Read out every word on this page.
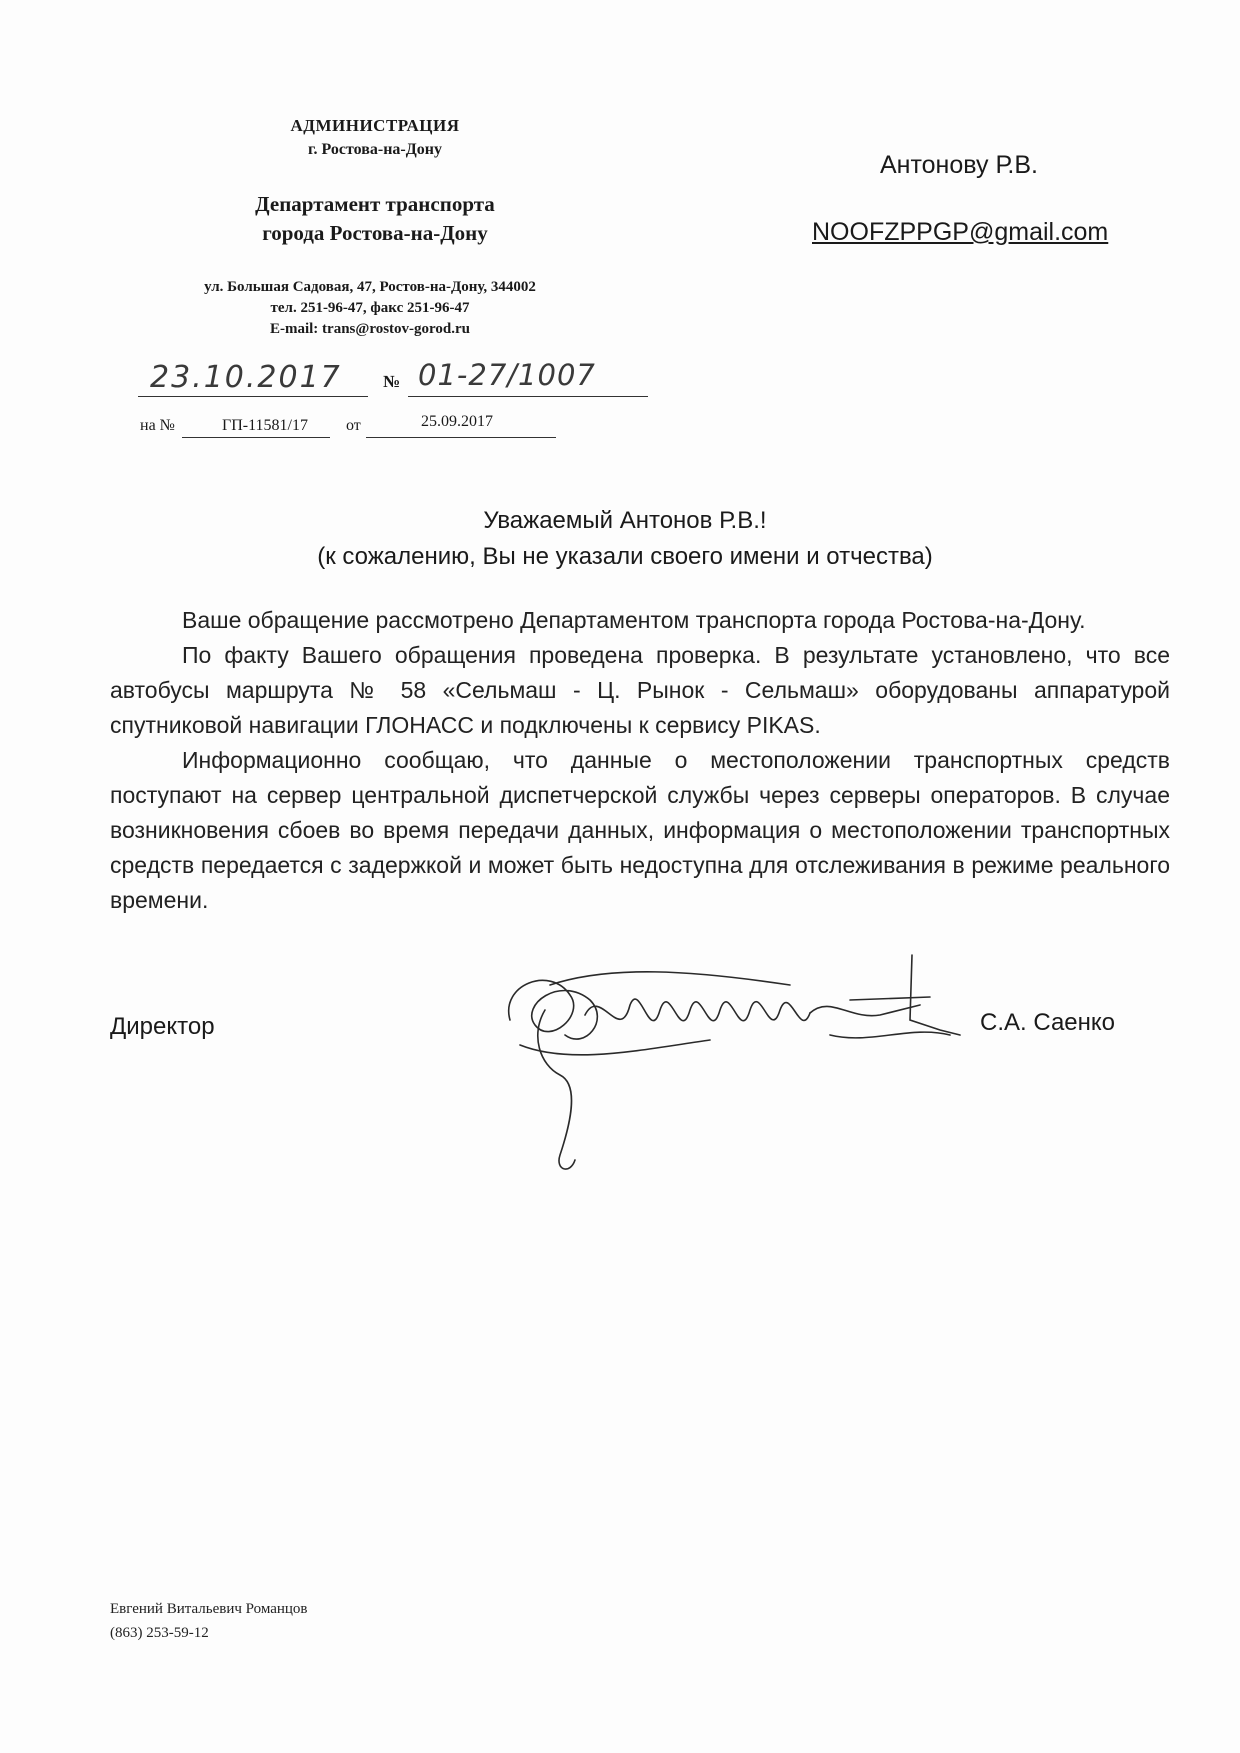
АДМИНИСТРАЦИЯ
г. Ростова-на-Дону
Департамент транспорта
города Ростова-на-Дону
ул. Большая Садовая, 47, Ростов-на-Дону, 344002
тел. 251-96-47, факс 251-96-47
E-mail: trans@rostov-gorod.ru
23.10.2017	№ 01-27/1007
на №	ГП-11581/17 от	25.09.2017
Антонову Р.В.
NOOFZPPGP@gmail.com
Уважаемый Антонов Р.В.!
(к сожалению, Вы не указали своего имени и отчества)

Ваше обращение рассмотрено Департаментом транспорта города Ростова-на-Дону.

По факту Вашего обращения проведена проверка. В результате установлено, что все автобусы маршрута № 58 «Сельмаш - Ц. Рынок - Сельмаш» оборудованы аппаратурой спутниковой навигации ГЛОНАСС и подключены к сервису PIKAS.

Информационно сообщаю, что данные о местоположении транспортных средств поступают на сервер центральной диспетчерской службы через серверы операторов. В случае возникновения сбоев во время передачи данных, информация о местоположении транспортных средств передается с задержкой и может быть недоступна для отслеживания в режиме реального времени.

Директор	С.А. Саенко
Евгений Витальевич Романцов
(863) 253-59-12
